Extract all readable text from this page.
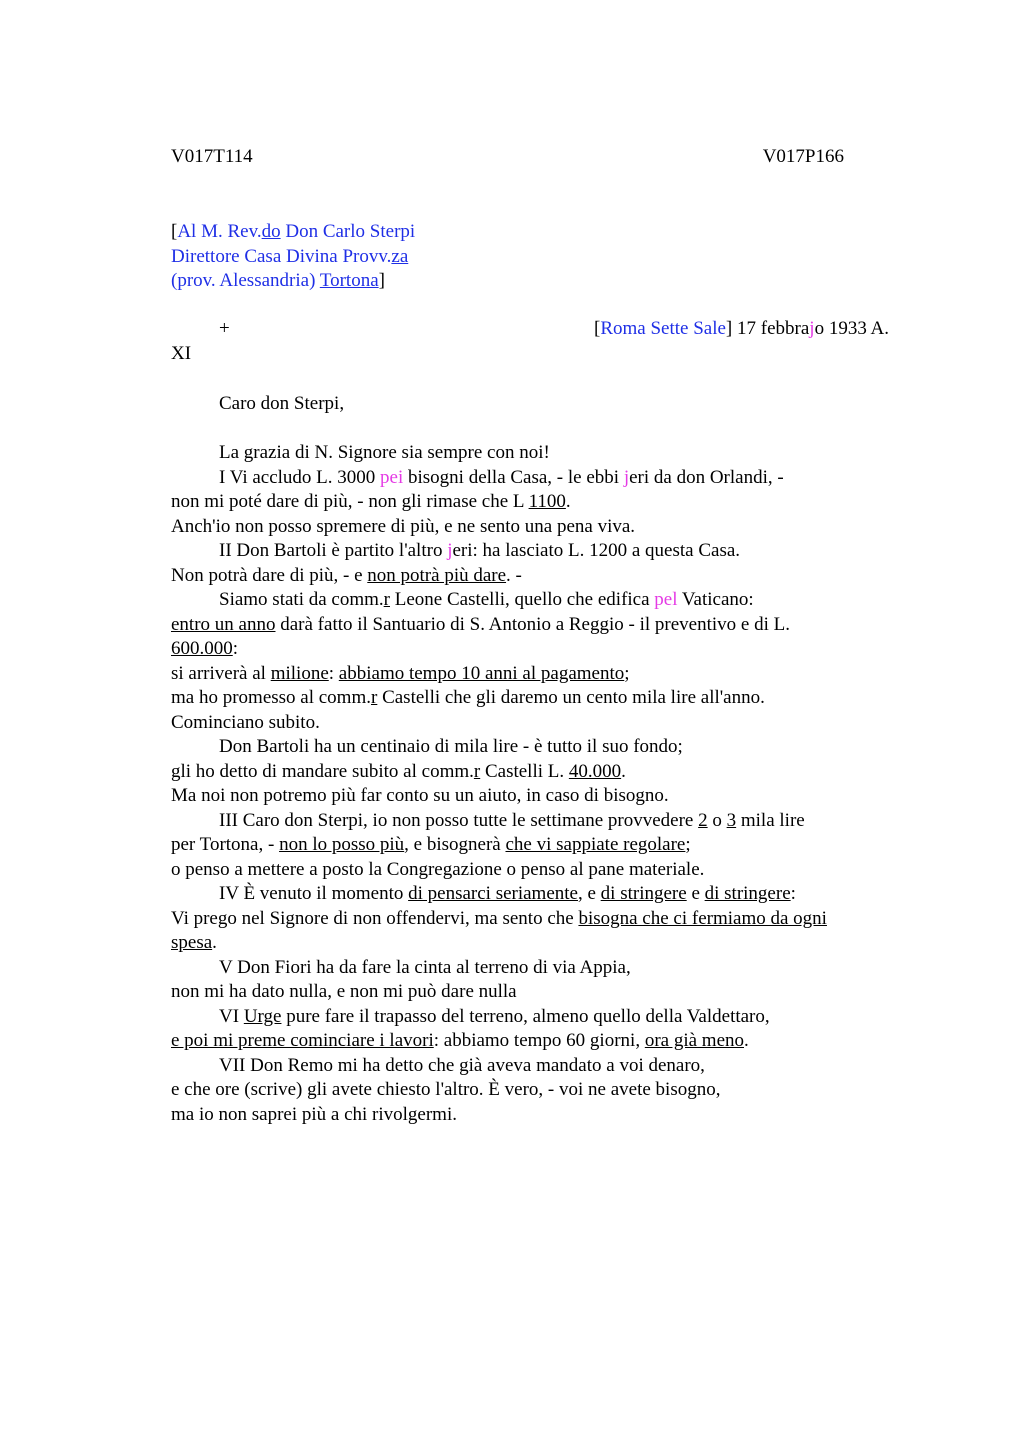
V017T114	V017P166
[Al M. Rev.do Don Carlo Sterpi
Direttore Casa Divina Provv.za
(prov. Alessandria) Tortona]
+	[Roma Sette Sale] 17 febbrajo 1933 A.
XI
Caro don Sterpi,
La grazia di N. Signore sia sempre con noi!
I Vi accludo L. 3000 pei bisogni della Casa, - le ebbi jeri da don Orlandi, -
non mi poté dare di più, - non gli rimase che L 1100.
Anch'io non posso spremere di più, e ne sento una pena viva.
II Don Bartoli è partito l'altro jeri: ha lasciato L. 1200 a questa Casa.
Non potrà dare di più, - e non potrà più dare. -
Siamo stati da comm.r Leone Castelli, quello che edifica pel Vaticano:
entro un anno darà fatto il Santuario di S. Antonio a Reggio - il preventivo e di L.
600.000:
si arriverà al milione: abbiamo tempo 10 anni al pagamento;
ma ho promesso al comm.r Castelli che gli daremo un cento mila lire all'anno.
Cominciano subito.
Don Bartoli ha un centinaio di mila lire - è tutto il suo fondo;
gli ho detto di mandare subito al comm.r Castelli L. 40.000.
Ma noi non potremo più far conto su un aiuto, in caso di bisogno.
III Caro don Sterpi, io non posso tutte le settimane provvedere 2 o 3 mila lire
per Tortona, - non lo posso più, e bisognerà che vi sappiate regolare;
o penso a mettere a posto la Congregazione o penso al pane materiale.
IV È venuto il momento di pensarci seriamente, e di stringere e di stringere:
Vi prego nel Signore di non offendervi, ma sento che bisogna che ci fermiamo da ogni
spesa.
V Don Fiori ha da fare la cinta al terreno di via Appia,
non mi ha dato nulla, e non mi può dare nulla
VI Urge pure fare il trapasso del terreno, almeno quello della Valdettaro,
e poi mi preme cominciare i lavori: abbiamo tempo 60 giorni, ora già meno.
VII Don Remo mi ha detto che già aveva mandato a voi denaro,
e che ore (scrive) gli avete chiesto l'altro. È vero, - voi ne avete bisogno,
ma io non saprei più a chi rivolgermi.
